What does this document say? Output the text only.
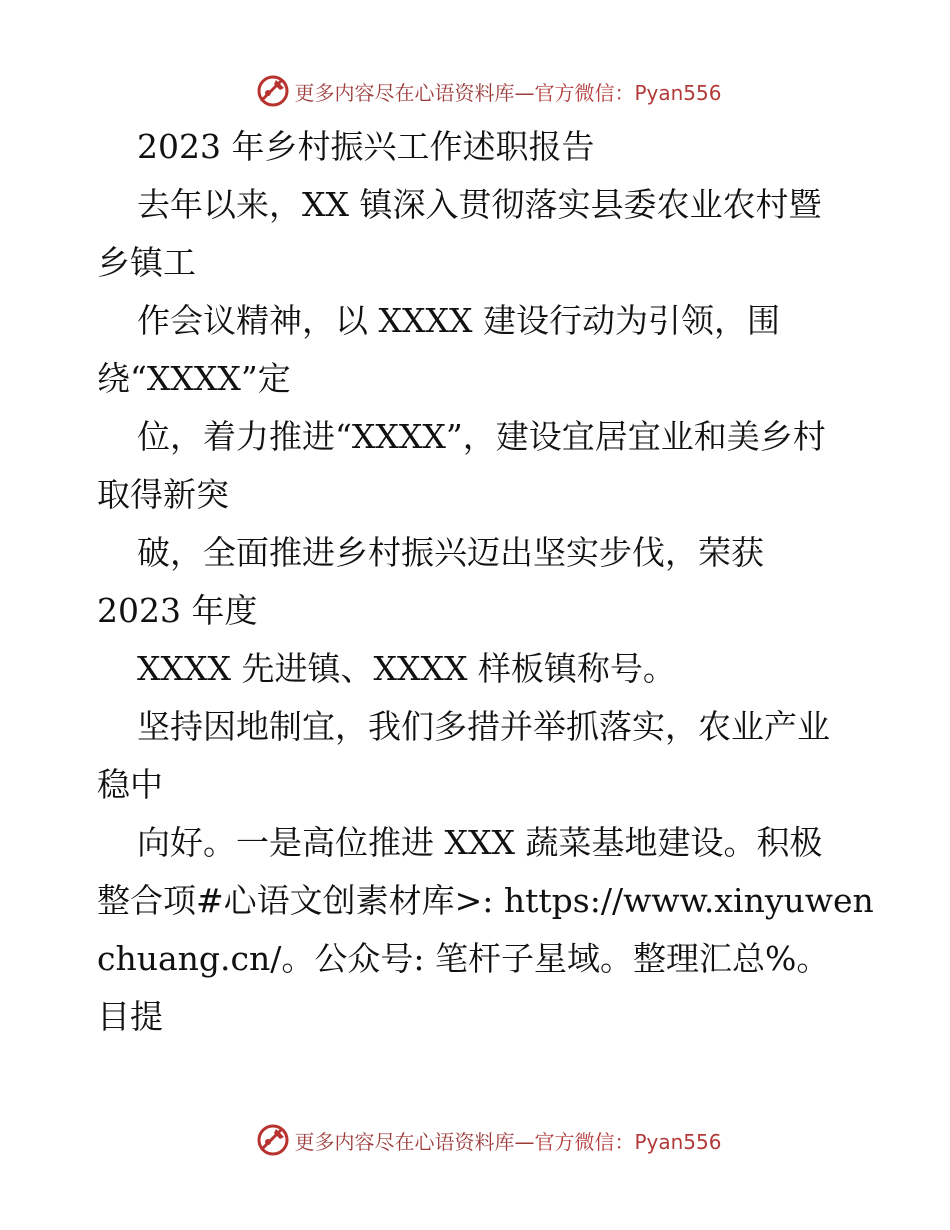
更多内容尽在心语资料库— 官方微信：Pyan556
2023 年乡村振兴工作述职报告
去年以来，XX 镇深入贯彻落实县委农业农村暨
乡镇工
作会议精神，以 XXXX 建设行动为引领，围
绕“XXXX”定
位，着力推进“XXXX”，建设宜居宜业和美乡村
取得新突
破，全面推进乡村振兴迈出坚实步伐，荣获
2023 年度
XXXX 先进镇、XXXX 样板镇称号。
坚持因地制宜，我们多措并举抓落实，农业产业
稳中
向好。一是高位推进 XXX 蔬菜基地建设。积极
整合项#心语文创素材库>: https://www.xinyuwen
chuang.cn/。公众号: 笔杆子星域。整理汇总%。
目提
更多内容尽在心语资料库— 官方微信：Pyan556
